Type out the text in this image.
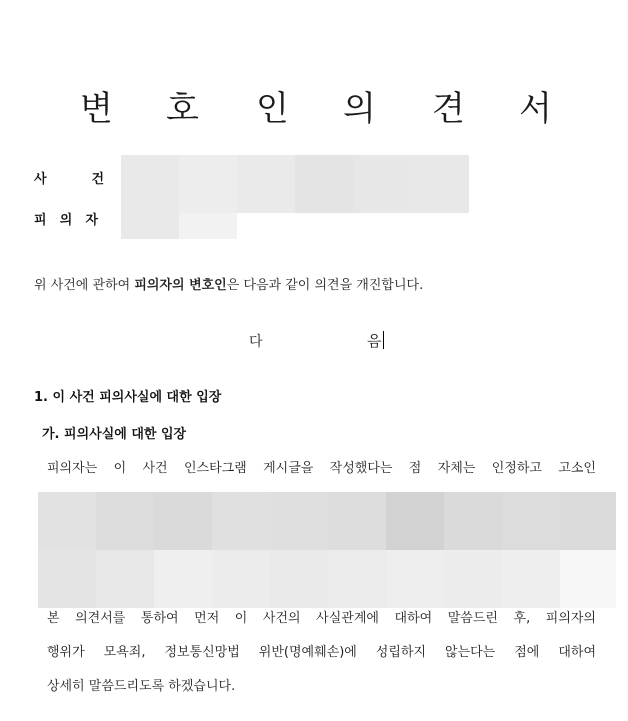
변 호 인 의 견 서
사	건
피 의 자
위 사건에 관하여 피의자의 변호인은 다음과 같이 의견을 개진합니다.
다	음
1. 이 사건 피의사실에 대한 입장
가. 피의사실에 대한 입장
피의자는 이 사건 인스타그램 게시글을 작성했다는 점 자체는 인정하고 고소인
본 의견서를 통하여 먼저 이 사건의 사실관계에 대하여 말씀드린 후, 피의자의
행위가 모욕죄, 정보통신망법 위반(명예훼손)에 성립하지 않는다는 점에 대하여
상세히 말씀드리도록 하겠습니다.
